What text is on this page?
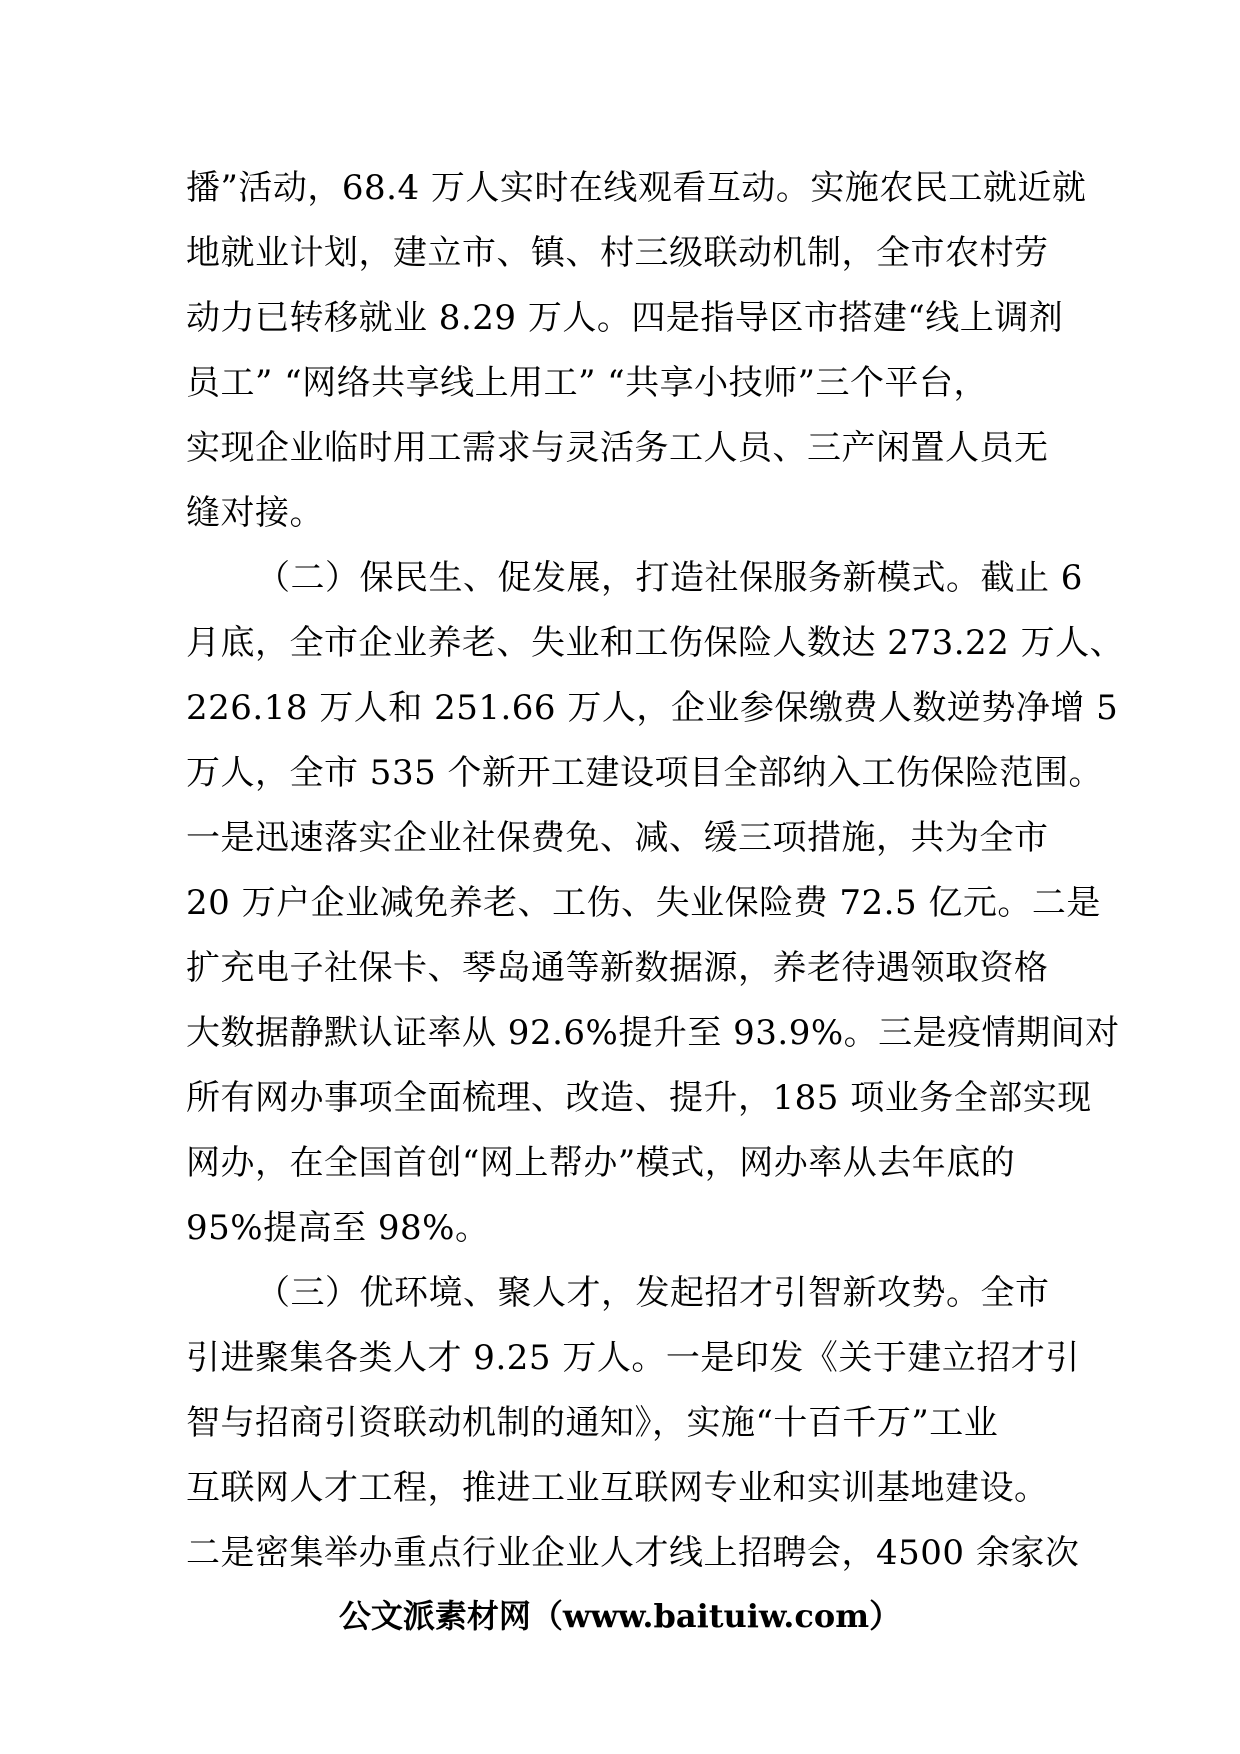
播”活动，68.4 万人实时在线观看互动。实施农民工就近就
地就业计划，建立市、镇、村三级联动机制，全市农村劳
动力已转移就业 8.29 万人。四是指导区市搭建“线上调剂
员工” “网络共享线上用工” “共享小技师”三个平台，
实现企业临时用工需求与灵活务工人员、三产闲置人员无
缝对接。
（二）保民生、促发展，打造社保服务新模式。截止 6
月底，全市企业养老、失业和工伤保险人数达 273.22 万人、
226.18 万人和 251.66 万人，企业参保缴费人数逆势净增 5
万人，全市 535 个新开工建设项目全部纳入工伤保险范围。
一是迅速落实企业社保费免、减、缓三项措施，共为全市
20 万户企业减免养老、工伤、失业保险费 72.5 亿元。二是
扩充电子社保卡、琴岛通等新数据源，养老待遇领取资格
大数据静默认证率从 92.6%提升至 93.9%。三是疫情期间对
所有网办事项全面梳理、改造、提升，185 项业务全部实现
网办，在全国首创“网上帮办”模式，网办率从去年底的
95%提高至 98%。
（三）优环境、聚人才，发起招才引智新攻势。全市
引进聚集各类人才 9.25 万人。一是印发《关于建立招才引
智与招商引资联动机制的通知》，实施“十百千万”工业
互联网人才工程，推进工业互联网专业和实训基地建设。
二是密集举办重点行业企业人才线上招聘会，4500 余家次
公文派素材网（www.baituiw.com）
